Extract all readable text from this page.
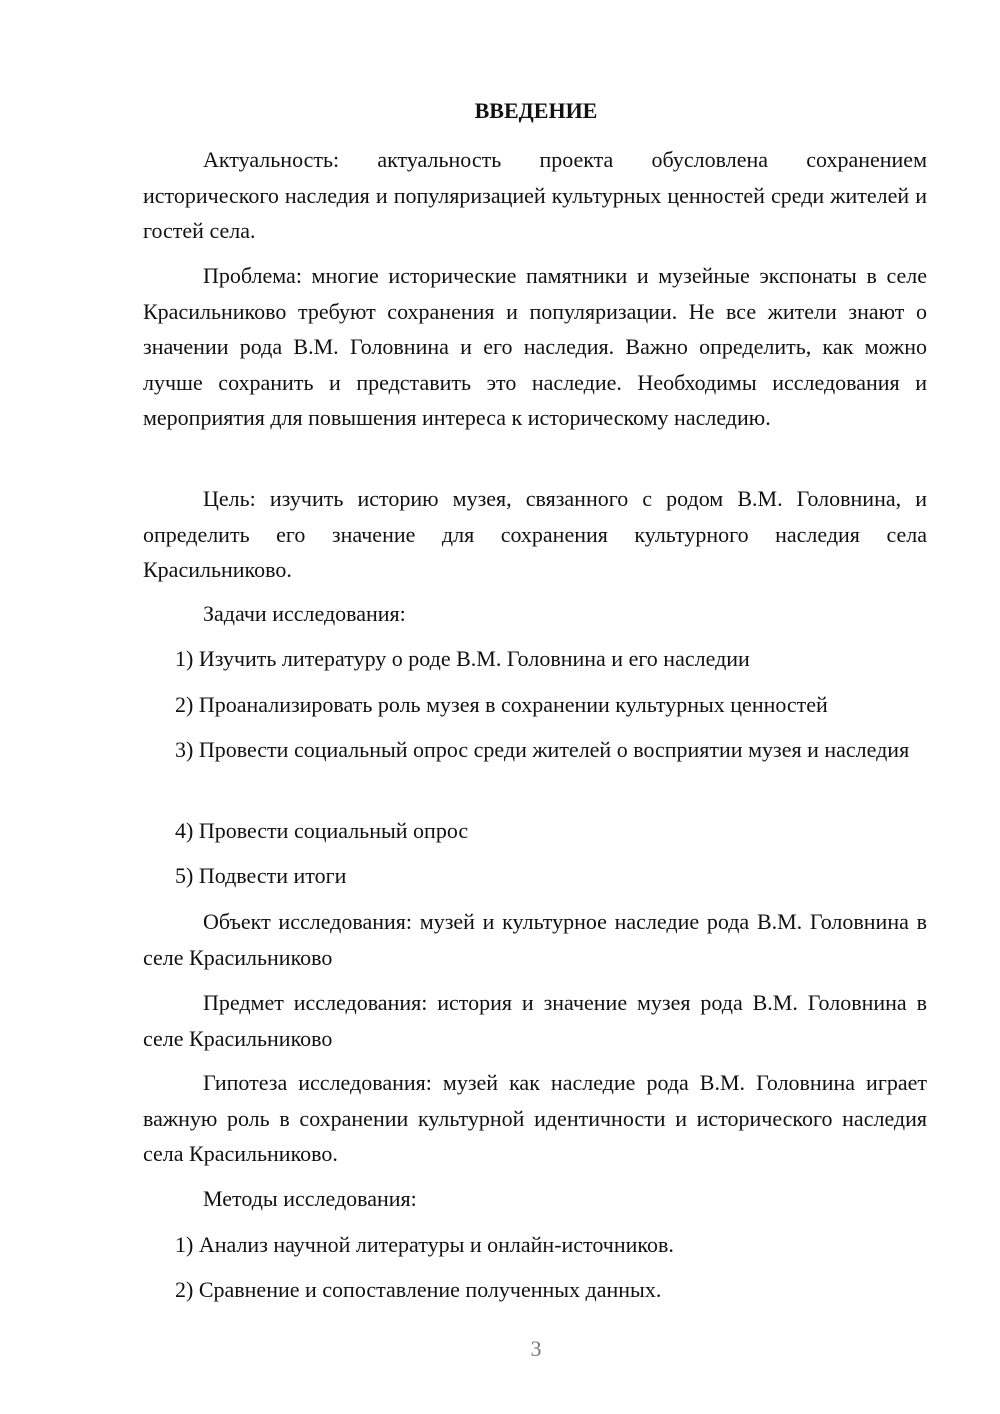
ВВЕДЕНИЕ

Актуальность: актуальность проекта обусловлена сохранением исторического наследия и популяризацией культурных ценностей среди жителей и гостей села.

Проблема: многие исторические памятники и музейные экспонаты в селе Красильниково требуют сохранения и популяризации. Не все жители знают о значении рода В.М. Головнина и его наследия. Важно определить, как можно лучше сохранить и представить это наследие. Необходимы исследования и мероприятия для повышения интереса к историческому наследию.

Цель: изучить историю музея, связанного с родом В.М. Головнина, и определить его значение для сохранения культурного наследия села Красильниково.

Задачи исследования:

1) Изучить литературу о роде В.М. Головнина и его наследии

2) Проанализировать роль музея в сохранении культурных ценностей

3) Провести социальный опрос среди жителей о восприятии музея и наследия

4) Провести социальный опрос

5) Подвести итоги

Объект исследования: музей и культурное наследие рода В.М. Головнина в селе Красильниково

Предмет исследования: история и значение музея рода В.М. Головнина в селе Красильниково

Гипотеза исследования: музей как наследие рода В.М. Головнина играет важную роль в сохранении культурной идентичности и исторического наследия села Красильниково.

Методы исследования:

1) Анализ научной литературы и онлайн-источников.

2) Сравнение и сопоставление полученных данных.

3
